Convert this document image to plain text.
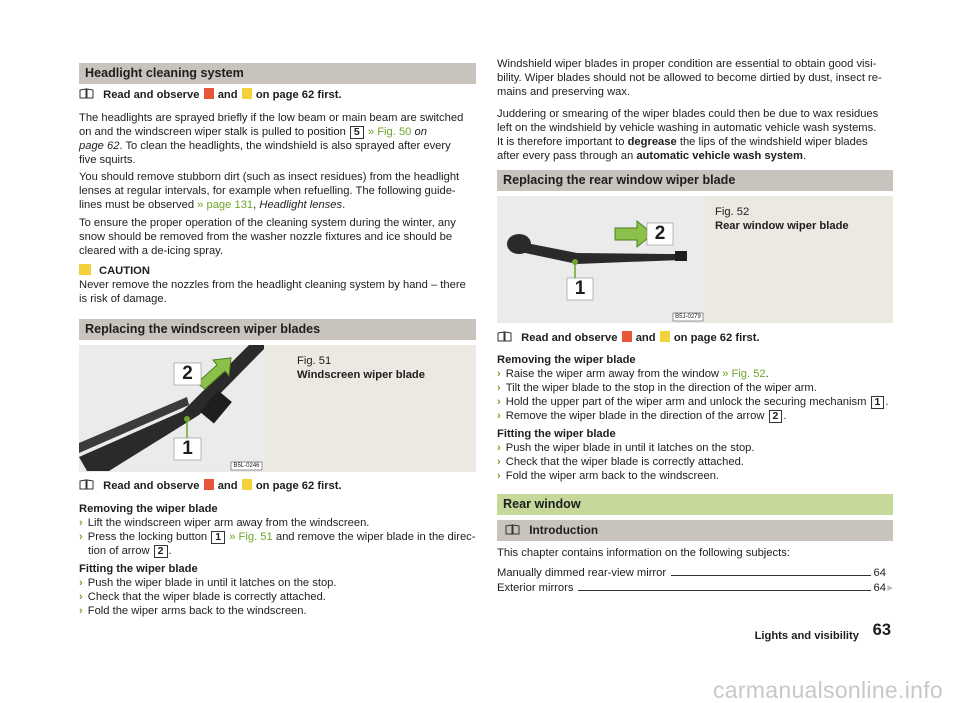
Headlight cleaning system

Read and observe and on page 62 first.

The headlights are sprayed briefly if the low beam or main beam are switched

on and the windscreen wiper stalk is pulled to position 5 » Fig. 50 on

page 62. To clean the headlights, the windshield is also sprayed after every

five squirts.

You should remove stubborn dirt (such as insect residues) from the headlight

lenses at regular intervals, for example when refuelling. The following guide-

lines must be observed » page 131, Headlight lenses.

To ensure the proper operation of the cleaning system during the winter, any

snow should be removed from the washer nozzle fixtures and ice should be

cleared with a de-icing spray.

CAUTION

Never remove the nozzles from the headlight cleaning system by hand – there

is risk of damage.

Replacing the windscreen wiper blades
1
2
B5L-0246

Fig. 51

Windscreen wiper blade

Read and observe and on page 62 first.

Removing the wiper blade

› Lift the windscreen wiper arm away from the windscreen.

› Press the locking button 1 » Fig. 51 and remove the wiper blade in the direc-

tion of arrow 2 .

Fitting the wiper blade

› Push the wiper blade in until it latches on the stop.

› Check that the wiper blade is correctly attached.

› Fold the wiper arms back to the windscreen.

Windshield wiper blades in proper condition are essential to obtain good visi-

bility. Wiper blades should not be allowed to become dirtied by dust, insect re-

mains and preserving wax.

Juddering or smearing of the wiper blades could then be due to wax residues

left on the windshield by vehicle washing in automatic vehicle wash systems.

It is therefore important to degrease the lips of the windshield wiper blades

after every pass through an automatic vehicle wash system.

Replacing the rear window wiper blade
1
2
B5J-0279

Fig. 52

Rear window wiper blade

Read and observe and on page 62 first.

Removing the wiper blade

› Raise the wiper arm away from the window » Fig. 52.

› Tilt the wiper blade to the stop in the direction of the wiper arm.

› Hold the upper part of the wiper arm and unlock the securing mechanism 1 .

› Remove the wiper blade in the direction of the arrow 2 .

Fitting the wiper blade

› Push the wiper blade in until it latches on the stop.

› Check that the wiper blade is correctly attached.

› Fold the wiper arm back to the windscreen.

Rear window
Introduction
This chapter contains information on the following subjects:
Manually dimmed rear-view mirror	64
Exterior mirrors	64 ▸
Lights and visibility 63
carmanualsonline.info
